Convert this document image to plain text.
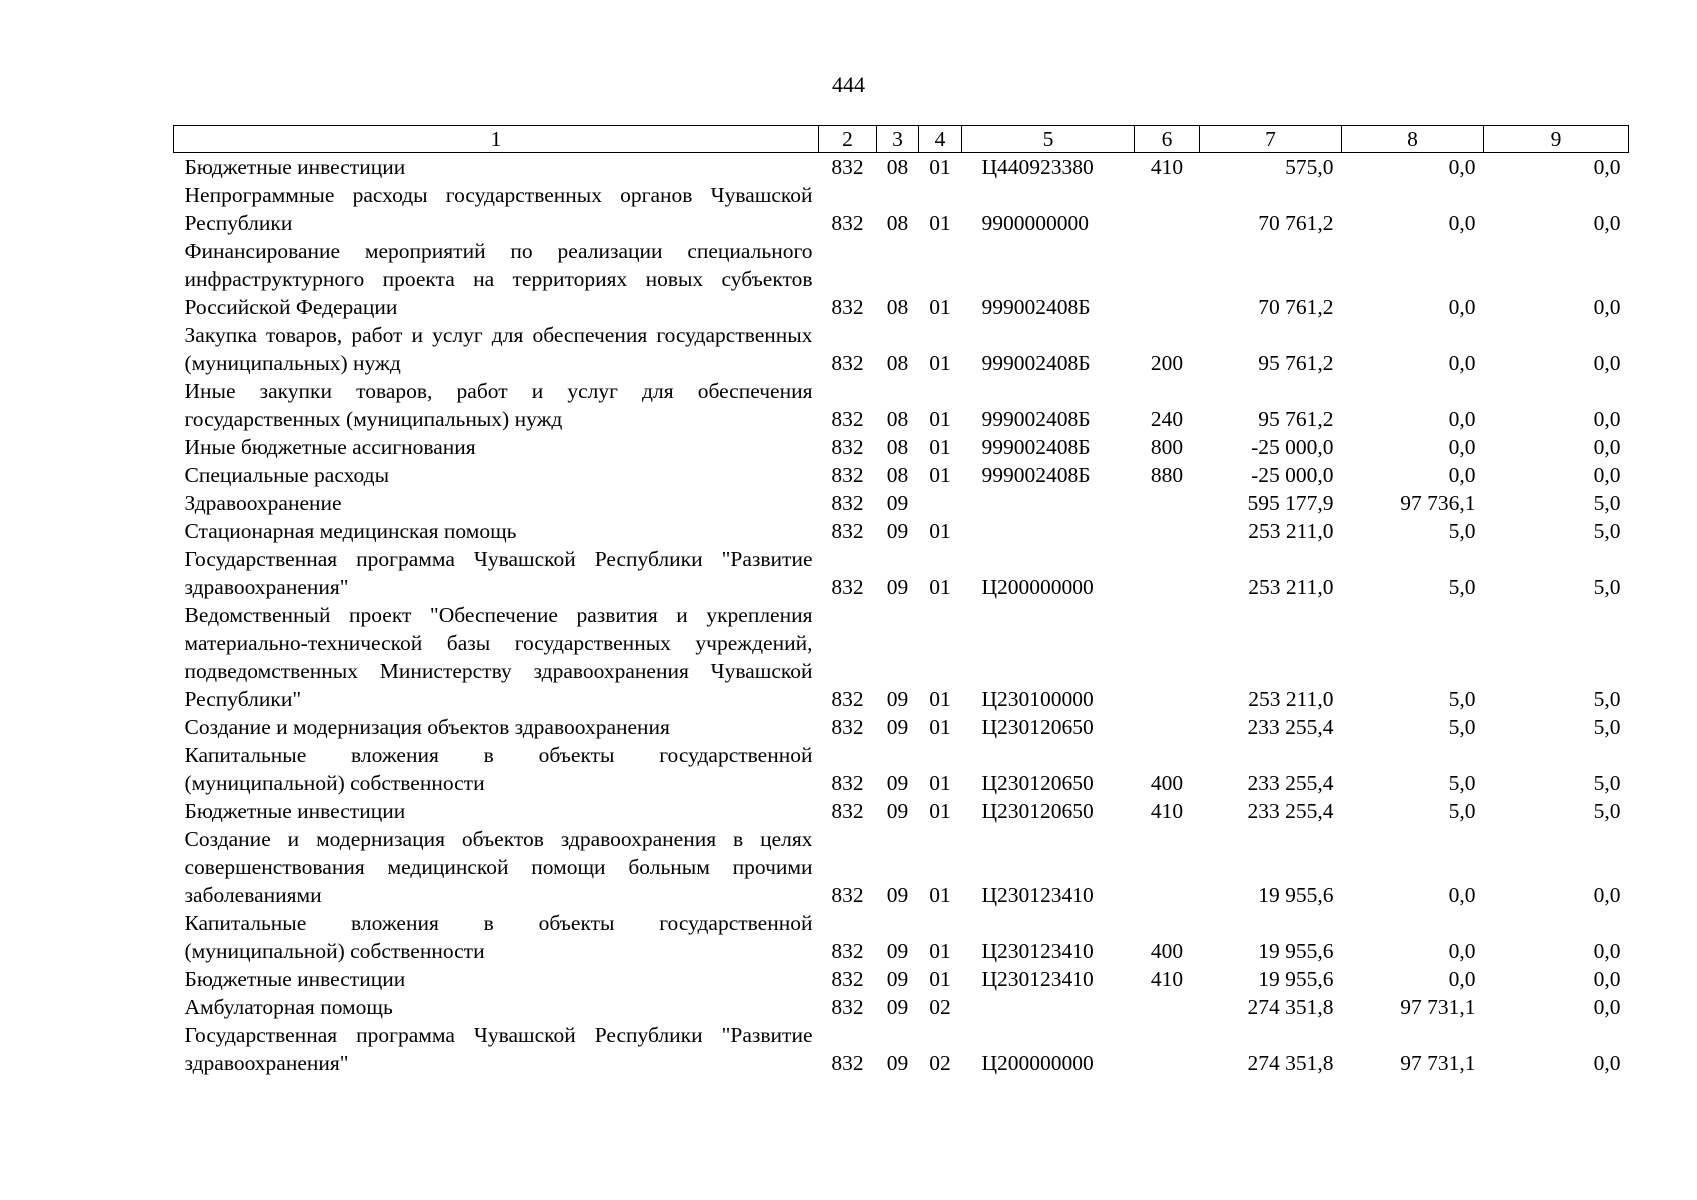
444
1	2	3	4	5	6	7	8	9
Бюджетные инвестиции	832	08	01	Ц440923380	410	575,0	0,0	0,0
Непрограммные расходы государственных органов Чувашской Республики	832	08	01	9900000000		70 761,2	0,0	0,0
Финансирование мероприятий по реализации специального инфраструктурного проекта на территориях новых субъектов Российской Федерации	832	08	01	999002408Б		70 761,2	0,0	0,0
Закупка товаров, работ и услуг для обеспечения государственных (муниципальных) нужд	832	08	01	999002408Б	200	95 761,2	0,0	0,0
Иные закупки товаров, работ и услуг для обеспечения государственных (муниципальных) нужд	832	08	01	999002408Б	240	95 761,2	0,0	0,0
Иные бюджетные ассигнования	832	08	01	999002408Б	800	-25 000,0	0,0	0,0
Специальные расходы	832	08	01	999002408Б	880	-25 000,0	0,0	0,0
Здравоохранение	832	09				595 177,9	97 736,1	5,0
Стационарная медицинская помощь	832	09	01			253 211,0	5,0	5,0
Государственная программа Чувашской Республики "Развитие здравоохранения"	832	09	01	Ц200000000		253 211,0	5,0	5,0
Ведомственный проект "Обеспечение развития и укрепления материально-технической базы государственных учреждений, подведомственных Министерству здравоохранения Чувашской Республики"	832	09	01	Ц230100000		253 211,0	5,0	5,0
Создание и модернизация объектов здравоохранения	832	09	01	Ц230120650		233 255,4	5,0	5,0
Капитальные вложения в объекты государственной (муниципальной) собственности	832	09	01	Ц230120650	400	233 255,4	5,0	5,0
Бюджетные инвестиции	832	09	01	Ц230120650	410	233 255,4	5,0	5,0
Создание и модернизация объектов здравоохранения в целях совершенствования медицинской помощи больным прочими заболеваниями	832	09	01	Ц230123410		19 955,6	0,0	0,0
Капитальные вложения в объекты государственной (муниципальной) собственности	832	09	01	Ц230123410	400	19 955,6	0,0	0,0
Бюджетные инвестиции	832	09	01	Ц230123410	410	19 955,6	0,0	0,0
Амбулаторная помощь	832	09	02			274 351,8	97 731,1	0,0
Государственная программа Чувашской Республики "Развитие здравоохранения"	832	09	02	Ц200000000		274 351,8	97 731,1	0,0
